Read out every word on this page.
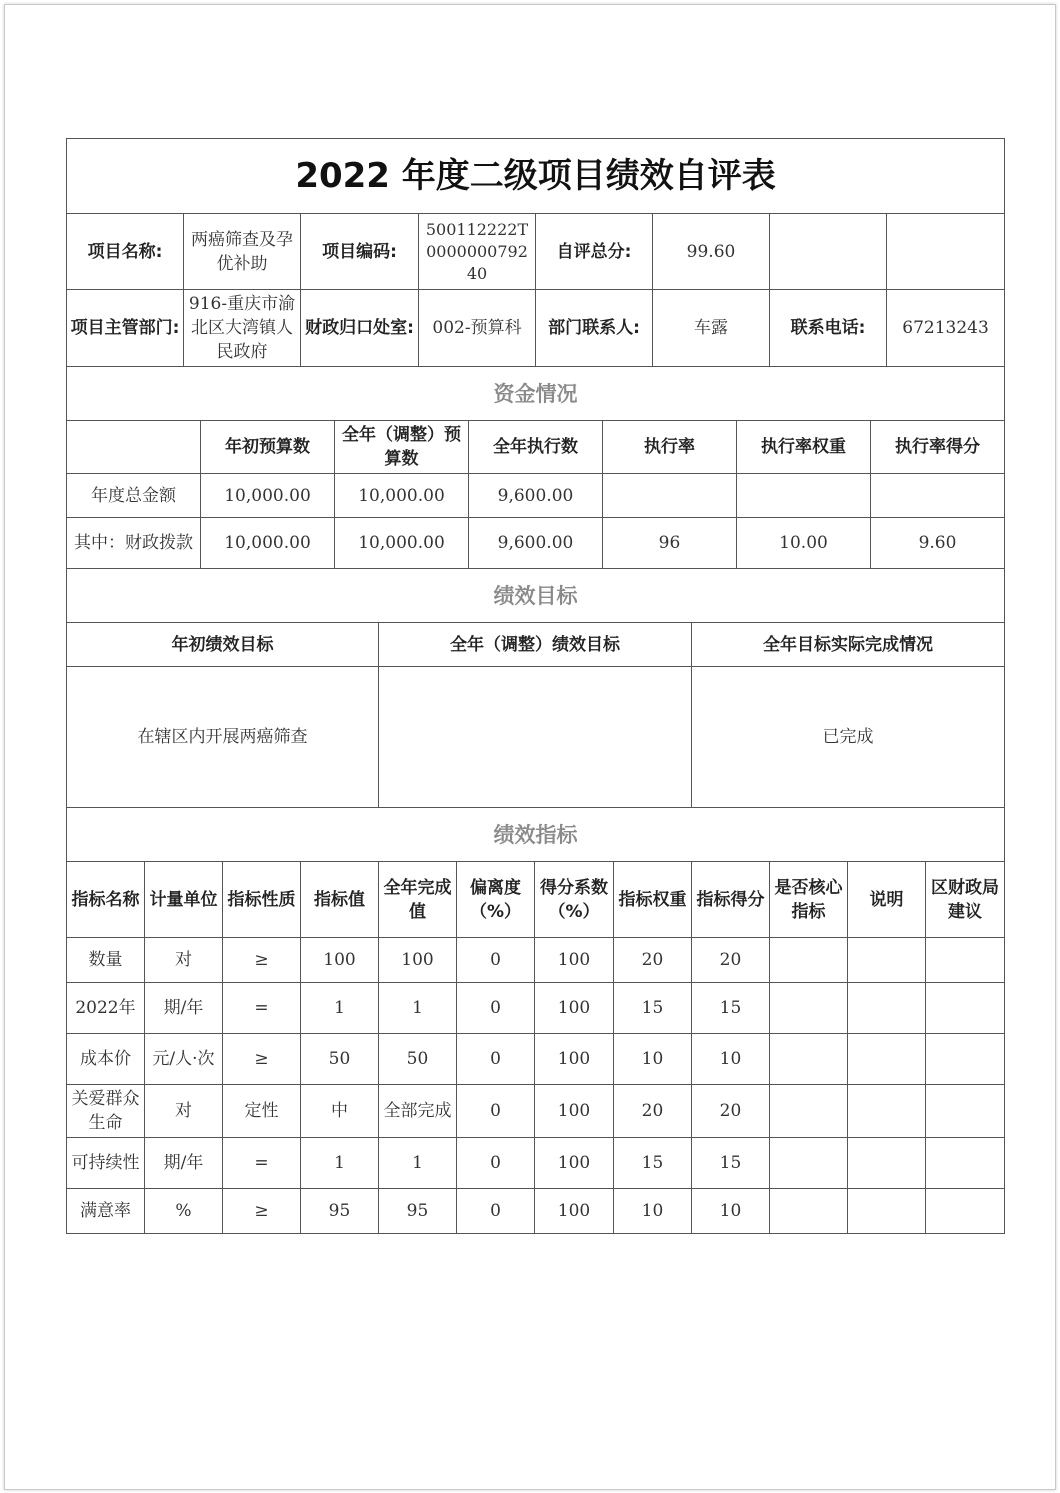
2022 年度二级项目绩效自评表							
项目名称:	两癌筛查及孕优补助	项目编码:	500112222T000000079240	自评总分:	99.60		
项目主管部门:	916-重庆市渝北区大湾镇人民政府	财政归口处室:	002-预算科	部门联系人:	车露	联系电话:	67213243
资金情况						
	年初预算数	全年（调整）预算数	全年执行数	执行率	执行率权重	执行率得分
年度总金额	10,000.00	10,000.00	9,600.00			
其中：财政拨款	10,000.00	10,000.00	9,600.00	96	10.00	9.60
绩效目标		
年初绩效目标	全年（调整）绩效目标	全年目标实际完成情况
在辖区内开展两癌筛查		已完成
绩效指标											
指标名称	计量单位	指标性质	指标值	全年完成值	偏离度（%）	得分系数（%）	指标权重	指标得分	是否核心指标	说明	区财政局建议
数量	对	≥	100	100	0	100	20	20			
2022年	期/年	=	1	1	0	100	15	15			
成本价	元/人·次	≥	50	50	0	100	10	10			
关爱群众生命	对	定性	中	全部完成	0	100	20	20			
可持续性	期/年	=	1	1	0	100	15	15			
满意率	%	≥	95	95	0	100	10	10			
